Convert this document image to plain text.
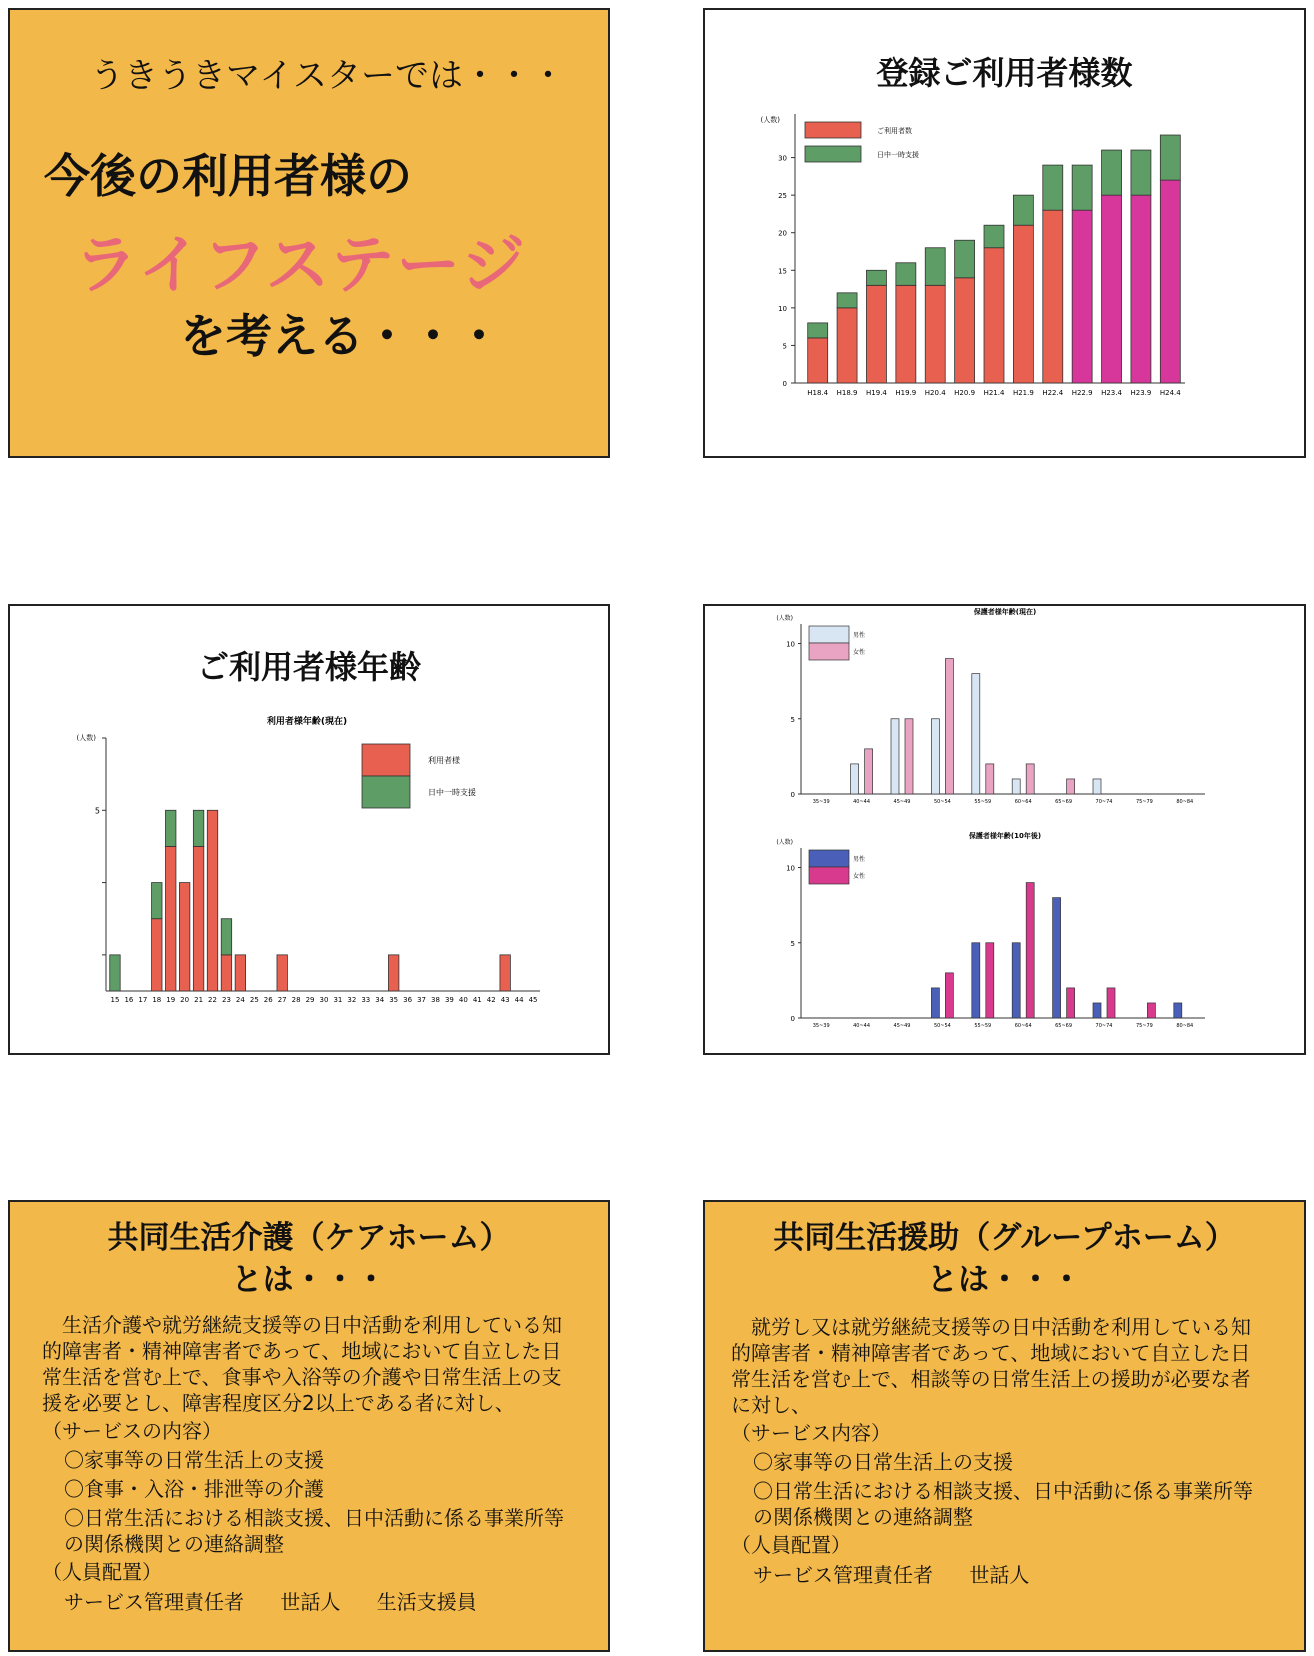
うきうきマイスターでは・・・
今後の利用者様の
ライフステージ
を考える・・・
登録ご利用者様数
(人数)
0
5
10
15
20
25
30
H18.4 H18.9 H19.4 H19.9 H20.4 H20.9 H21.4 H21.9 H22.4 H22.9 H23.4 H23.9 H24.4
ご利用者数
日中一時支援
ご利用者様年齢
利用者様年齢(現在)
(人数)
5
15 16 17 18 19 20 21 22 23 24 25 26 27 28 29 30 31 32 33 34 35 36 37 38 39 40 41 42 43 44 45
利用者様
日中一時支援
保護者様年齢(現在)
(人数)
0
5
10
35~39	40~44	45~49	50~54	55~59	60~64	65~69	70~74	75~79	80~84
男性
女性
保護者様年齢(10年後)
(人数)
0
5
10
35~39	40~44	45~49	50~54	55~59	60~64	65~69	70~74	75~79	80~84
男性
女性
共同生活介護（ケアホーム）
とは・・・

生活介護や就労継続支援等の日中活動を利用している知的障害者・精神障害者であって、地域において自立した日常生活を営む上で、食事や入浴等の介護や日常生活上の支援を必要とし、障害程度区分2以上である者に対し、

（サービスの内容）

〇家事等の日常生活上の支援

〇食事・入浴・排泄等の介護

〇日常生活における相談支援、日中活動に係る事業所等の関係機関との連絡調整

（人員配置）

サービス管理責任者 世話人 生活支援員

共同生活援助（グループホーム）
とは・・・

就労し又は就労継続支援等の日中活動を利用している知的障害者・精神障害者であって、地域において自立した日常生活を営む上で、相談等の日常生活上の援助が必要な者に対し、

（サービス内容）

〇家事等の日常生活上の支援

〇日常生活における相談支援、日中活動に係る事業所等の関係機関との連絡調整

（人員配置）

サービス管理責任者 世話人
